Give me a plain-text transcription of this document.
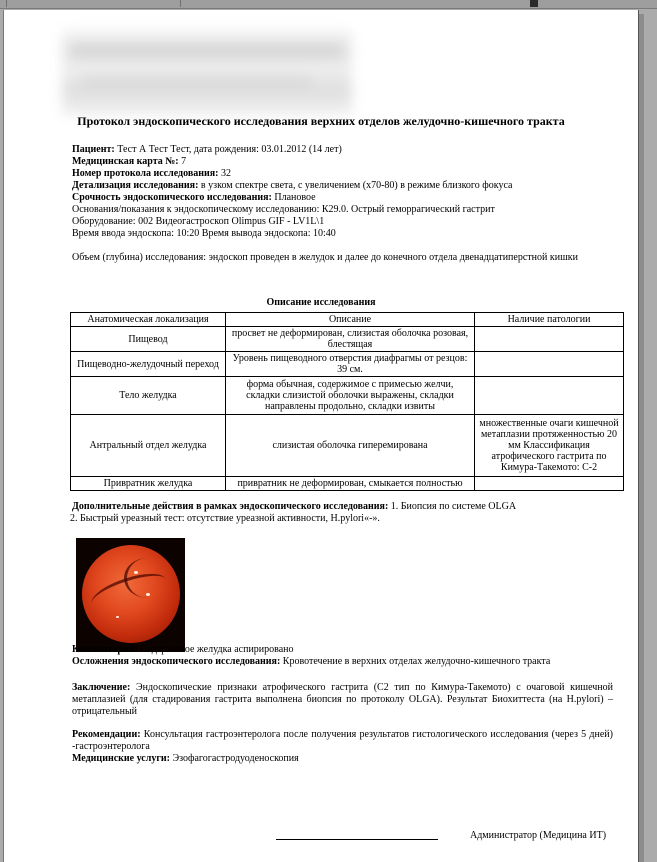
Протокол эндоскопического исследования верхних отделов желудочно-кишечного тракта
Пациент: Тест А Тест Тест, дата рождения: 03.01.2012 (14 лет)
Медицинская карта №: 7
Номер протокола исследования: 32
Детализация исследования: в узком спектре света, с увеличением (х70-80) в режиме близкого фокуса
Срочность эндоскопического исследования: Плановое
Основания/показания к эндоскопическому исследованию: К29.0. Острый геморрагический гастрит
Оборудование: 002 Видеогастроскоп Olimpus GIF - LV1L\1
Время ввода эндоскопа: 10:20 Время вывода эндоскопа: 10:40
Объем (глубина) исследования: эндоскоп проведен в желудок и далее до конечного отдела двенадцатиперстной кишки
Описание исследования
Анатомическая локализация	Описание	Наличие патологии
Пищевод	просвет не деформирован, слизистая оболочка розовая, блестящая	
Пищеводно-желудочный переход	Уровень пищеводного отверстия диафрагмы от резцов: 39 см.	
Тело желудка	форма обычная, содержимое с примесью желчи, складки слизистой оболочки выражены, складки направлены продольно, складки извиты	
Антральный отдел желудка	слизистая оболочка гиперемирована	множественные очаги кишечной метаплазии протяженностью 20 мм Классификация атрофического гастрита по Кимура-Такемото: С-2
Привратник желудка	привратник не деформирован, смыкается полностью	
Дополнительные действия в рамках эндоскопического исследования: 1. Биопсия по системе OLGA
2. Быстрый уреазный тест: отсутствие уреазной активности, H.pylori«-».
Комментарий: Содержимое желудка аспирировано
Осложнения эндоскопического исследования: Кровотечение в верхних отделах желудочно-кишечного тракта
Заключение: Эндоскопические признаки атрофического гастрита (С2 тип по Кимура-Такемото) с очаговой кишечной метаплазией (для стадирования гастрита выполнена биопсия по протоколу OLGA). Результат Биохиттеста (на H.pylori) – отрицательный
Рекомендации: Консультация гастроэнтеролога после получения результатов гистологического исследования (через 5 дней) -гастроэнтеролога
Медицинские услуги: Эзофагогастродуоденоскопия
Администратор (Медицина ИТ)
